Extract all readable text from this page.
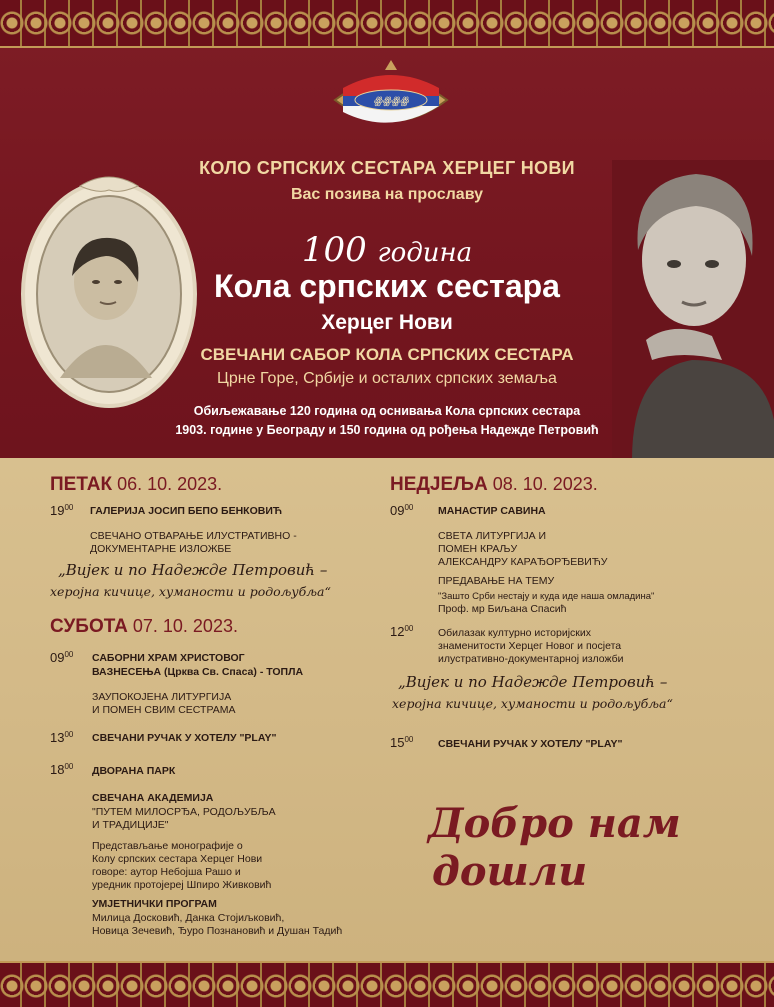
ꙮꙮꙮꙮ
КОЛО СРПСКИХ СЕСТАРА ХЕРЦЕГ НОВИ
Вас позива на прославу
100 година
Кола српских сестара
Херцег Нови
СВЕЧАНИ САБОР КОЛА СРПСКИХ СЕСТАРА
Црне Горе, Србије и осталих српских земаља
Обиљежавање 120 година од оснивања Кола српских сестара
1903. године у Београду и 150 година од рођења Надежде Петровић
ПЕТАК 06. 10. 2023.
$19^{00}$ ГАЛЕРИЈА ЈОСИП БЕПО БЕНКОВИЋ
СВЕЧАНО ОТВАРАЊЕ ИЛУСТРАТИВНО -
ДОКУМЕНТАРНЕ ИЗЛОЖБЕ
„Вијек и по Надежде Петровић –
херојна кичице, хуманости и родољубља“
СУБОТА 07. 10. 2023.
$09^{00}$ САБОРНИ ХРАМ ХРИСТОВОГ
ВАЗНЕСЕЊА (Црква Св. Спаса) - ТОПЛА
ЗАУПОКОЈЕНА ЛИТУРГИЈА
И ПОМЕН СВИМ СЕСТРАМА
$13^{00}$ СВЕЧАНИ РУЧАК У ХОТЕЛУ "PLAY"
$18^{00}$ ДВОРАНА ПАРК
СВЕЧАНА АКАДЕМИЈА
"ПУТЕМ МИЛОСРЂА, РОДОЉУБЉА
И ТРАДИЦИЈЕ"
Представљање монографије о
Колу српских сестара Херцег Нови
говоре: аутор Небојша Рашо и
уредник протојереј Шпиро Живковић
УМЈЕТНИЧКИ ПРОГРАМ
Милица Досковић, Данка Стојиљковић,
Новица Зечевић, Ђуро Познановић и Душан Тадић
НЕДЈЕЉА 08. 10. 2023.
$09^{00}$ МАНАСТИР САВИНА
СВЕТА ЛИТУРГИЈА И
ПОМЕН КРАЉУ
АЛЕКСАНДРУ КАРАЂОРЂЕВИЋУ
ПРЕДАВАЊЕ НА ТЕМУ
"Зашто Срби нестају и куда иде наша омладина"
Проф. мр Биљана Спасић
$12^{00}$ Обилазак културно историјских
знаменитости Херцег Новог и посјета
илустративно-документарној изложби
„Вијек и по Надежде Петровић –
херојна кичице, хуманости и родољубља“
$15^{00}$ СВЕЧАНИ РУЧАК У ХОТЕЛУ "PLAY"
Добро нам
дошли
